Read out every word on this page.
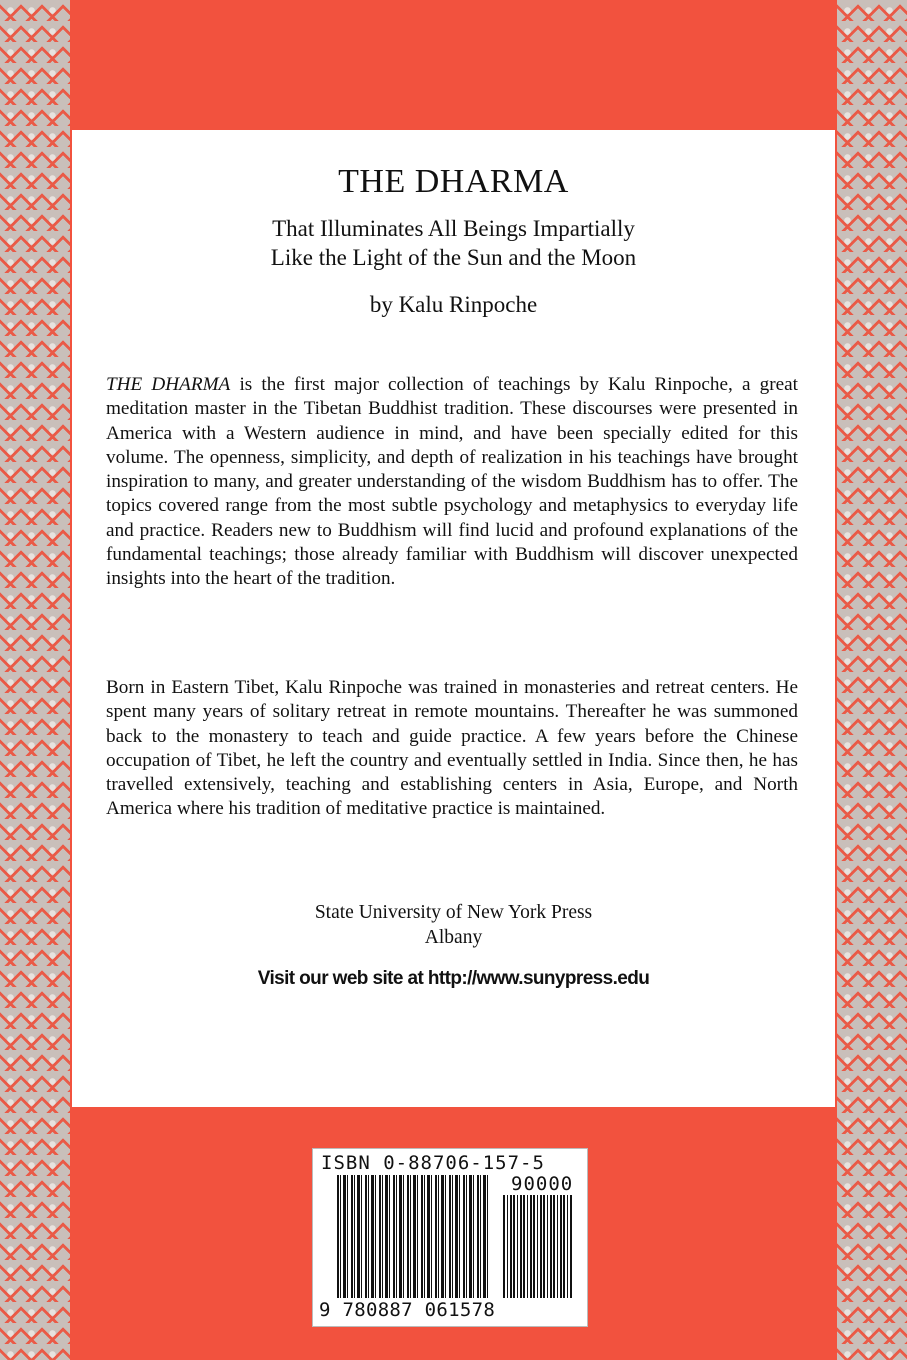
THE DHARMA
That Illuminates All Beings Impartially
Like the Light of the Sun and the Moon
by Kalu Rinpoche

THE DHARMA is the first major collection of teachings by Kalu Rinpoche, a great meditation master in the Tibetan Buddhist tradition. These discourses were presented in America with a Western audience in mind, and have been specially edited for this volume. The openness, simplicity, and depth of realization in his teachings have brought inspiration to many, and greater understanding of the wisdom Buddhism has to offer. The topics covered range from the most subtle psychology and metaphysics to everyday life and practice. Readers new to Buddhism will find lucid and profound explanations of the fundamental teachings; those already familiar with Buddhism will discover unexpected insights into the heart of the tradition.

Born in Eastern Tibet, Kalu Rinpoche was trained in monasteries and retreat centers. He spent many years of solitary retreat in remote mountains. Thereafter he was summoned back to the monastery to teach and guide practice. A few years before the Chinese occupation of Tibet, he left the country and eventually settled in India. Since then, he has travelled extensively, teaching and establishing centers in Asia, Europe, and North America where his tradition of meditative practice is maintained.

State University of New York Press
Albany
Visit our web site at http://www.sunypress.edu
ISBN 0-88706-157-5
90000
9 780887 061578
